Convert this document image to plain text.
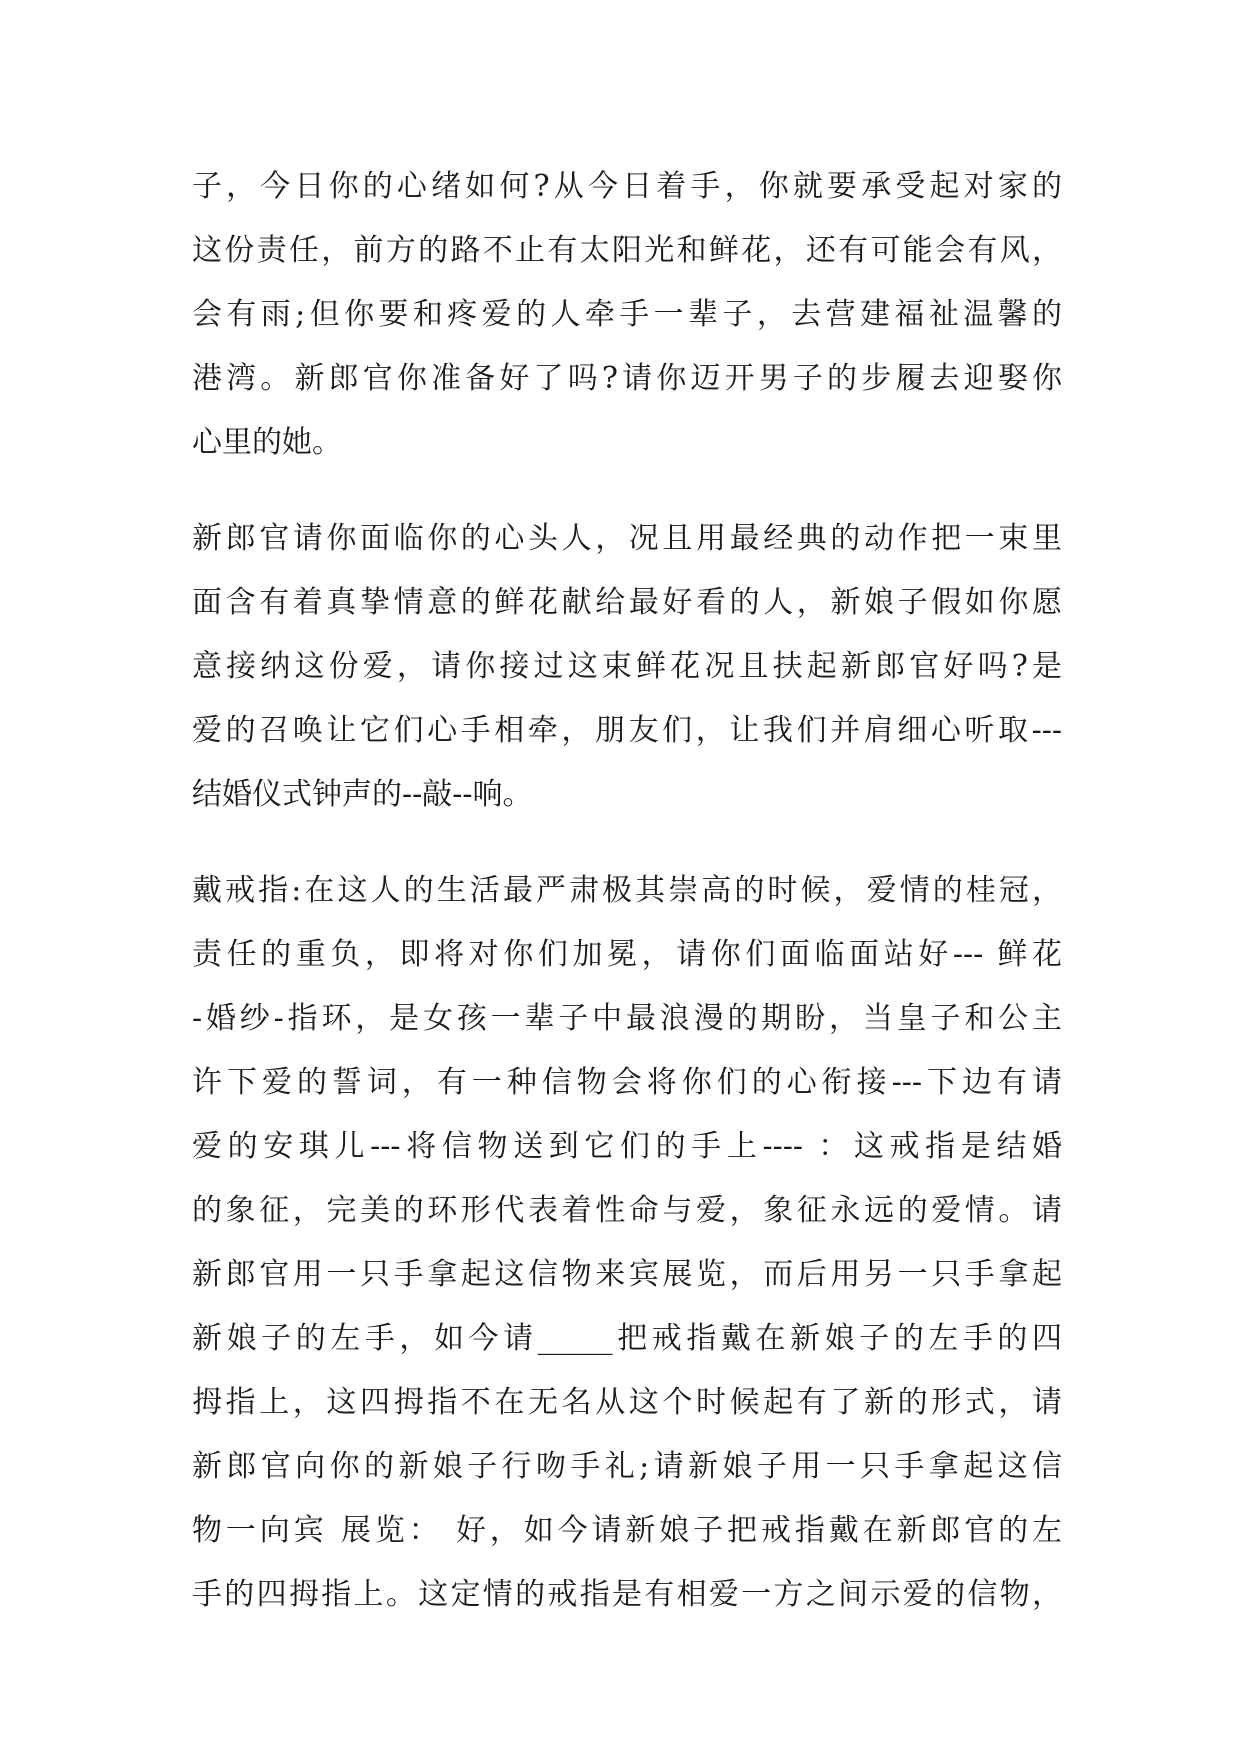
子，今日你的心绪如何?从今日着手，你就要承受起对家的
这份责任，前方的路不止有太阳光和鲜花，还有可能会有风，
会有雨;但你要和疼爱的人牵手一辈子，去营建福祉温馨的
港湾。新郎官你准备好了吗?请你迈开男子的步履去迎娶你
心里的她。
新郎官请你面临你的心头人，况且用最经典的动作把一束里
面含有着真挚情意的鲜花献给最好看的人，新娘子假如你愿
意接纳这份爱，请你接过这束鲜花况且扶起新郎官好吗?是
爱的召唤让它们心手相牵，朋友们，让我们并肩细心听取---
结婚仪式钟声的--敲--响。
戴戒指:在这人的生活最严肃极其崇高的时候，爱情的桂冠，
责任的重负，即将对你们加冕，请你们面临面站好--- 鲜花
-婚纱-指环，是女孩一辈子中最浪漫的期盼，当皇子和公主
许下爱的誓词，有一种信物会将你们的心衔接---下边有请
爱的安琪儿---将信物送到它们的手上---- ：这戒指是结婚
的象征，完美的环形代表着性命与爱，象征永远的爱情。请
新郎官用一只手拿起这信物来宾展览，而后用另一只手拿起
新娘子的左手，如今请_____把戒指戴在新娘子的左手的四
拇指上，这四拇指不在无名从这个时候起有了新的形式，请
新郎官向你的新娘子行吻手礼;请新娘子用一只手拿起这信
物一向宾 展览： 好，如今请新娘子把戒指戴在新郎官的左
手的四拇指上。这定情的戒指是有相爱一方之间示爱的信物，
